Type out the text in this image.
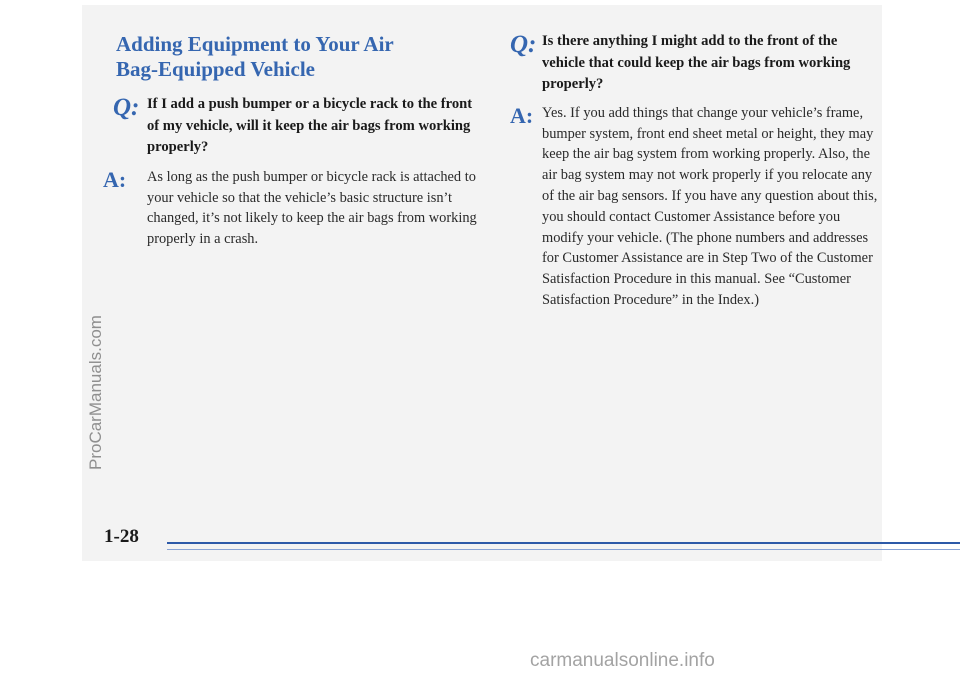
ProCarManuals.com
Adding Equipment to Your Air
Bag-Equipped Vehicle
Q: If I add a push bumper or a bicycle rack to the front of my vehicle, will it keep the air bags from working properly?
A: As long as the push bumper or bicycle rack is attached to your vehicle so that the vehicle’s basic structure isn’t changed, it’s not likely to keep the air bags from working properly in a crash.
Q: Is there anything I might add to the front of the vehicle that could keep the air bags from working properly?
A: Yes. If you add things that change your vehicle’s frame, bumper system, front end sheet metal or height, they may keep the air bag system from working properly. Also, the air bag system may not work properly if you relocate any of the air bag sensors. If you have any question about this, you should contact Customer Assistance before you modify your vehicle. (The phone numbers and addresses for Customer Assistance are in Step Two of the Customer Satisfaction Procedure in this manual. See “Customer Satisfaction Procedure” in the Index.)
1-28
carmanualsonline.info
